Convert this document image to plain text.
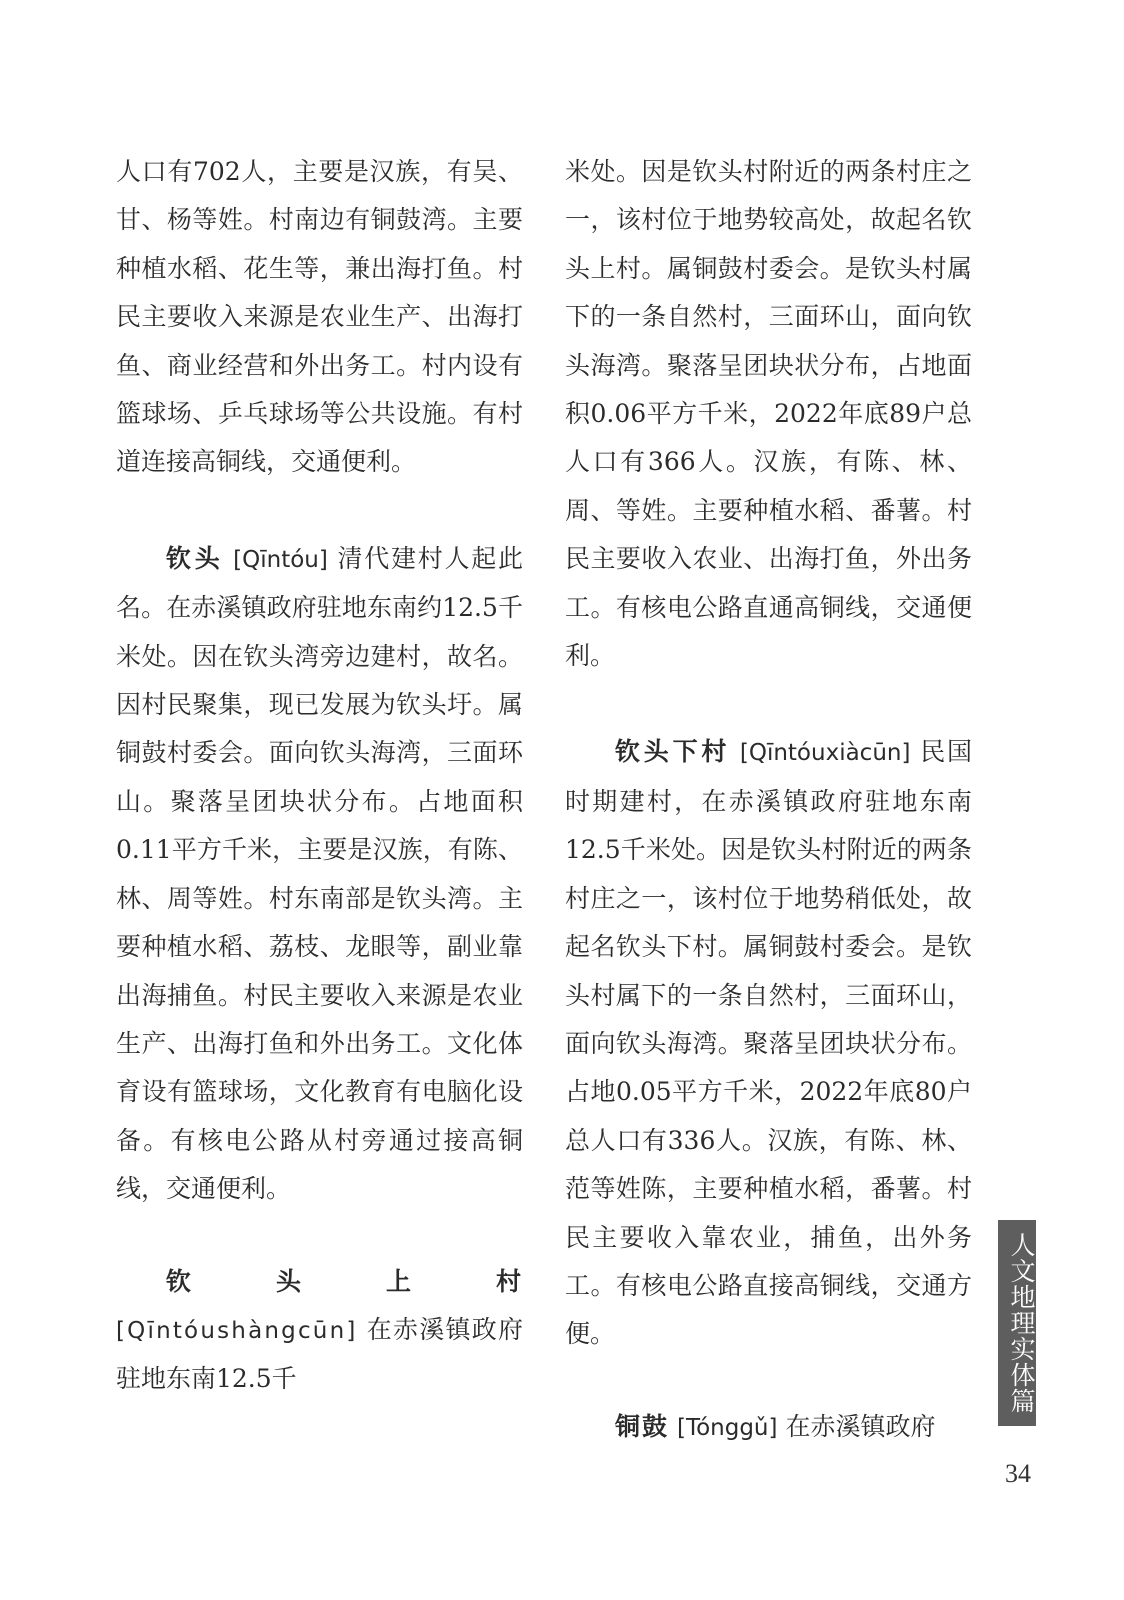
人口有702人，主要是汉族，有吴、甘、杨等姓。村南边有铜鼓湾。主要种植水稻、花生等，兼出海打鱼。村民主要收入来源是农业生产、出海打鱼、商业经营和外出务工。村内设有篮球场、乒乓球场等公共设施。有村道连接高铜线，交通便利。

钦头 [Qīntóu] 清代建村人起此名。在赤溪镇政府驻地东南约12.5千米处。因在钦头湾旁边建村，故名。因村民聚集，现已发展为钦头圩。属铜鼓村委会。面向钦头海湾，三面环山。聚落呈团块状分布。占地面积0.11平方千米，主要是汉族，有陈、林、周等姓。村东南部是钦头湾。主要种植水稻、荔枝、龙眼等，副业靠出海捕鱼。村民主要收入来源是农业生产、出海打鱼和外出务工。文化体育设有篮球场，文化教育有电脑化设备。有核电公路从村旁通过接高铜线，交通便利。

钦头上村 [Qīntóushàngcūn] 在赤溪镇政府驻地东南12.5千

米处。因是钦头村附近的两条村庄之一，该村位于地势较高处，故起名钦头上村。属铜鼓村委会。是钦头村属下的一条自然村，三面环山，面向钦头海湾。聚落呈团块状分布，占地面积0.06平方千米，2022年底89户总人口有366人。汉族，有陈、林、周、等姓。主要种植水稻、番薯。村民主要收入农业、出海打鱼，外出务工。有核电公路直通高铜线，交通便利。

钦头下村 [Qīntóuxiàcūn] 民国时期建村，在赤溪镇政府驻地东南12.5千米处。因是钦头村附近的两条村庄之一，该村位于地势稍低处，故起名钦头下村。属铜鼓村委会。是钦头村属下的一条自然村，三面环山，面向钦头海湾。聚落呈团块状分布。占地0.05平方千米，2022年底80户总人口有336人。汉族，有陈、林、范等姓陈，主要种植水稻，番薯。村民主要收入靠农业，捕鱼，出外务工。有核电公路直接高铜线，交通方便。

铜鼓 [Tónggǔ] 在赤溪镇政府

人文地理实体篇
34
